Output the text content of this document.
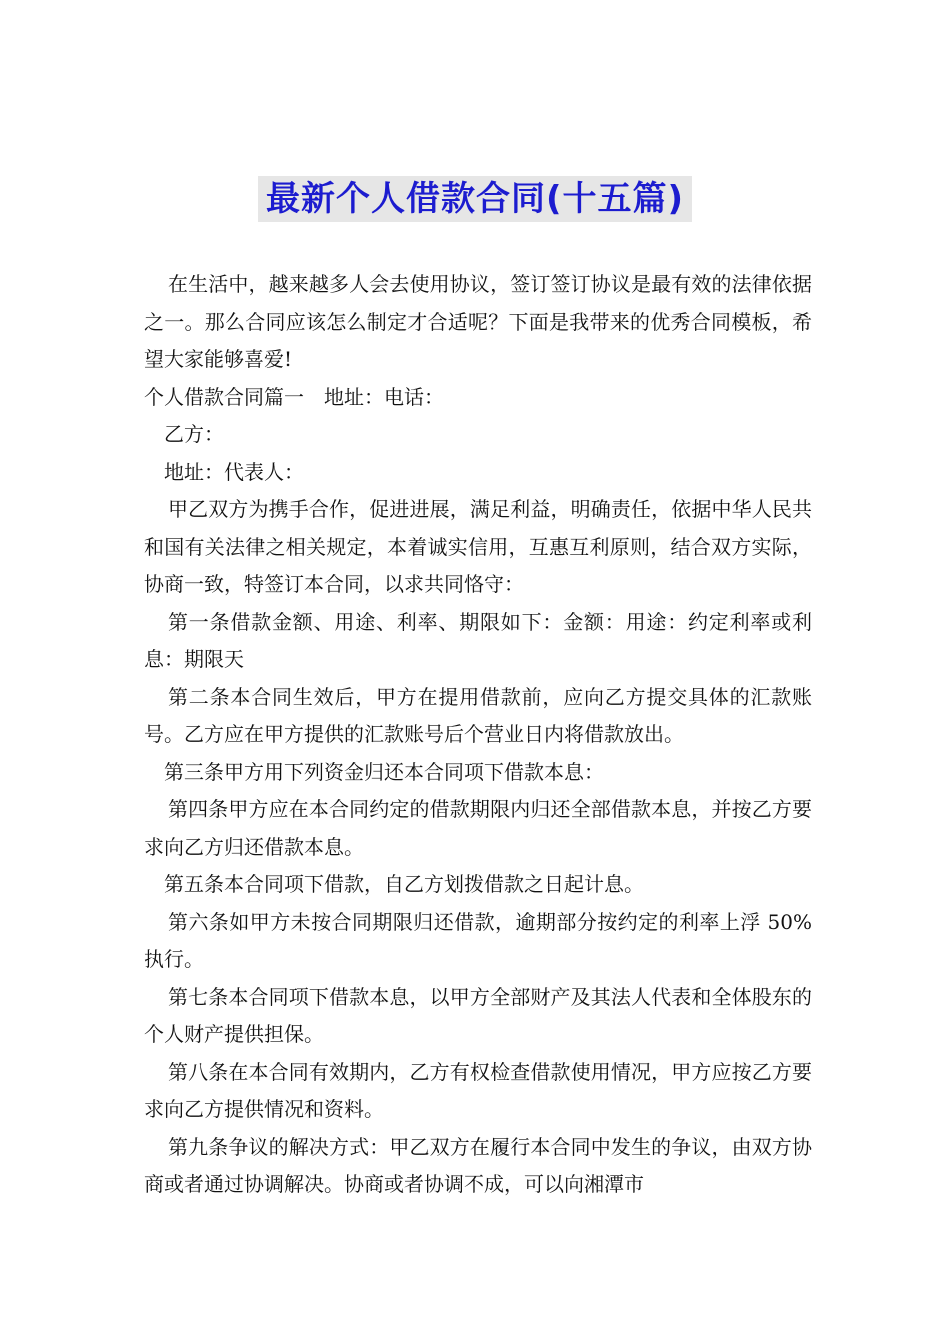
最新个人借款合同(十五篇)

在生活中，越来越多人会去使用协议，签订签订协议是最有效的法律依据之一。那么合同应该怎么制定才合适呢？下面是我带来的优秀合同模板，希望大家能够喜爱!

个人借款合同篇一　地址：电话：

乙方：

地址：代表人：

甲乙双方为携手合作，促进进展，满足利益，明确责任，依据中华人民共和国有关法律之相关规定，本着诚实信用，互惠互利原则，结合双方实际，协商一致，特签订本合同，以求共同恪守：

第一条借款金额、用途、利率、期限如下：金额：用途：约定利率或利息：期限天

第二条本合同生效后，甲方在提用借款前，应向乙方提交具体的汇款账号。乙方应在甲方提供的汇款账号后个营业日内将借款放出。

第三条甲方用下列资金归还本合同项下借款本息：

第四条甲方应在本合同约定的借款期限内归还全部借款本息，并按乙方要求向乙方归还借款本息。

第五条本合同项下借款，自乙方划拨借款之日起计息。

第六条如甲方未按合同期限归还借款，逾期部分按约定的利率上浮 50%执行。

第七条本合同项下借款本息，以甲方全部财产及其法人代表和全体股东的个人财产提供担保。

第八条在本合同有效期内，乙方有权检查借款使用情况，甲方应按乙方要求向乙方提供情况和资料。

第九条争议的解决方式：甲乙双方在履行本合同中发生的争议，由双方协商或者通过协调解决。协商或者协调不成，可以向湘潭市
